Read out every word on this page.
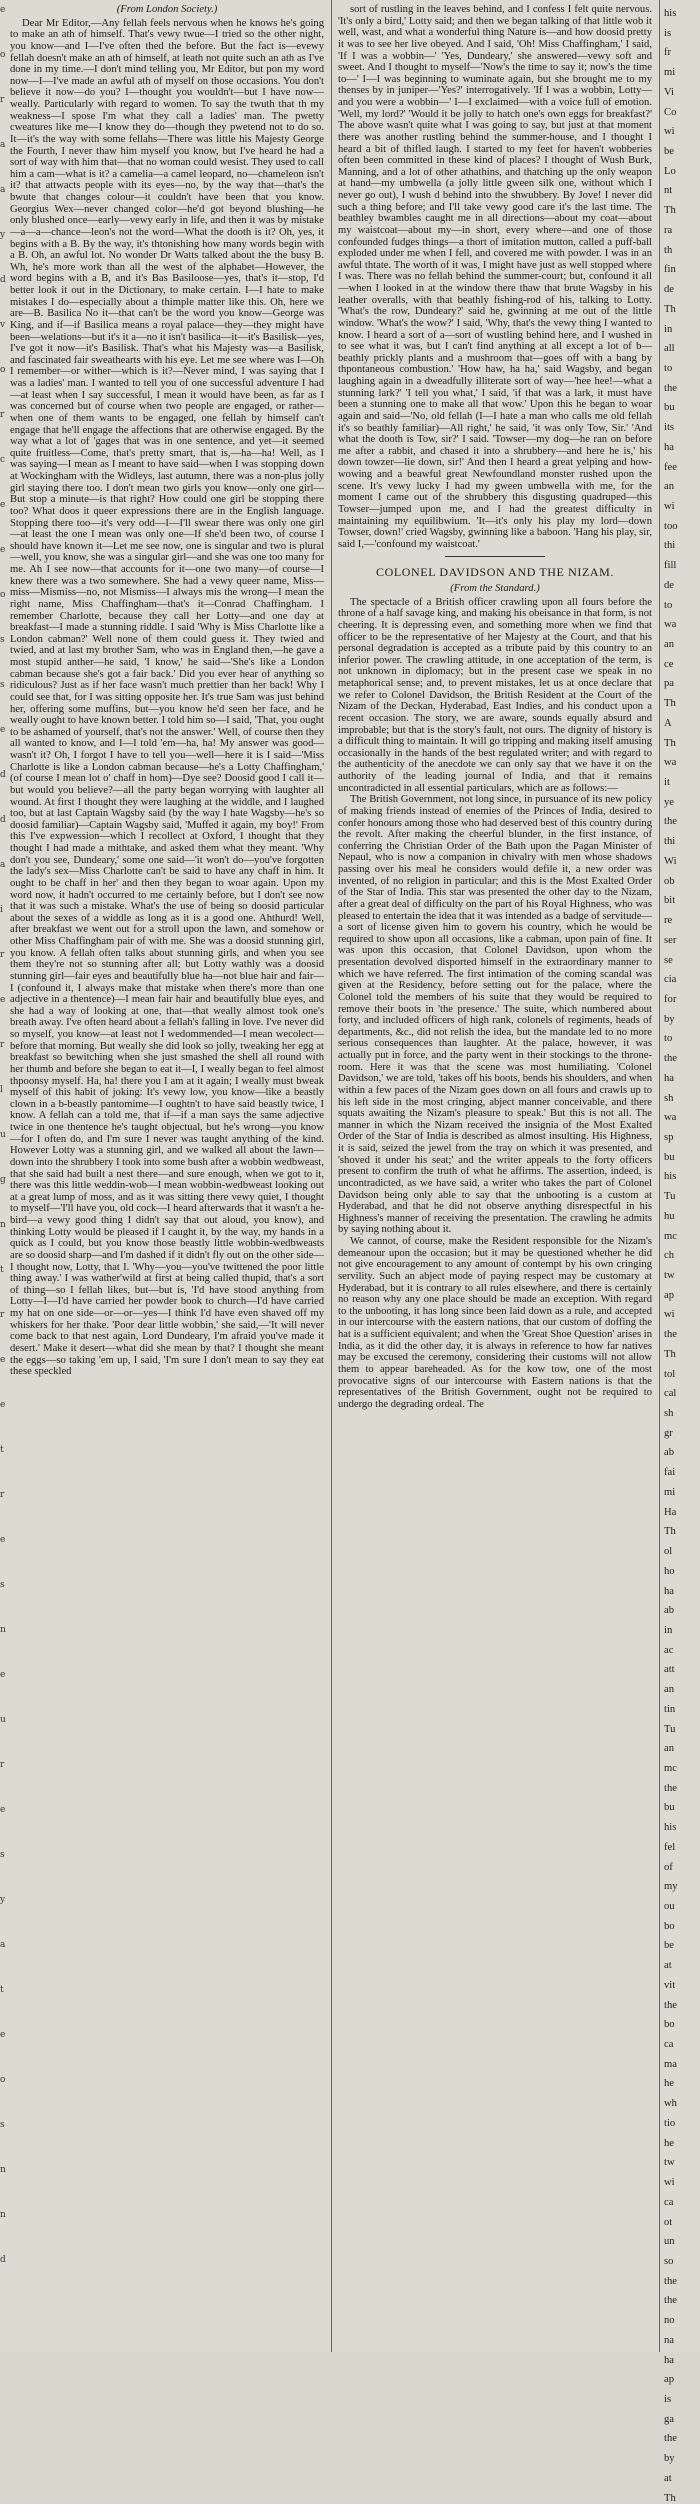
e
o
r
a
a
y
d
v
o
r
c
e
e
o
s
s
e
d
d
a
i
r
e
r
l
u
g
n
t
r
e
e
t
r
e
s
n
e
u
r
e
s
y
a
t
e
o
s
n
n
d
(From London Society.)

Dear Mr Editor,—Any fellah feels nervous when he knows he's going to make an ath of himself. That's vewy twue—I tried so the other night, you know—and I—I've often thed the before. But the fact is—evewy fellah doesn't make an ath of himself, at leath not quite such an ath as I've done in my time.—I don't mind telling you, Mr Editor, but pon my word now—I—I've made an awful ath of myself on those occasions. You don't believe it now—do you? I—thought you wouldn't—but I have now—weally. Particularly with regard to women. To say the twuth that th my weakness—I spose I'm what they call a ladies' man. The pwetty cweatures like me—I know they do—though they pwetend not to do so. It—it's the way with some fellahs—There was little his Majesty George the Fourth, I never thaw him myself you know, but I've heard he had a sort of way with him that—that no woman could wesist. They used to call him a cam—what is it? a camelia—a camel leopard, no—chameleon isn't it? that attwacts people with its eyes—no, by the way that—that's the bwute that changes colour—it couldn't have been that you know. Georgius Wex—never changed color—he'd got beyond blushing—he only blushed once—early—vewy early in life, and then it was by mistake—a—a—chance—leon's not the word—What the dooth is it? Oh, yes, it begins with a B. By the way, it's thtonishing how many words begin with a B. Oh, an awful lot. No wonder Dr Watts talked about the the busy B. Wh, he's more work than all the west of the alphabet—However, the word begins with a B, and it's Bas Basiloose—yes, that's it—stop, I'd better look it out in the Dictionary, to make certain. I—I hate to make mistakes I do—especially about a thimple matter like this. Oh, here we are—B. Basilica No it—that can't be the word you know—George was King, and if—if Basilica means a royal palace—they—they might have been—welations—but it's it a—no it isn't basilica—it—it's Basilisk—yes, I've got it now—it's Basilisk. That's what his Majesty was—a Basilisk, and fascinated fair sweathearts with his eye. Let me see where was I—Oh I remember—or wither—which is it?—Never mind, I was saying that I was a ladies' man. I wanted to tell you of one successful adventure I had—at least when I say successful, I mean it would have been, as far as I was concerned but of course when two people are engaged, or rather—when one of them wants to be engaged, one fellah by himself can't engage that he'll engage the affections that are otherwise engaged. By the way what a lot of 'gages that was in one sentence, and yet—it seemed quite fruitless—Come, that's pretty smart, that is,—ha—ha! Well, as I was saying—I mean as I meant to have said—when I was stopping down at Wockingham with the Widleys, last autumn, there was a non-plus jolly girl staying there too. I don't mean two girls you know—only one girl—But stop a minute—is that right? How could one girl be stopping there too? What doos it queer expressions there are in the English language. Stopping there too—it's very odd—I—I'll swear there was only one girl—at least the one I mean was only one—If she'd been two, of course I should have known it—Let me see now, one is singular and two is plural—well, you know, she was a singular girl—and she was one too many for me. Ah I see now—that accounts for it—one two many—of course—I knew there was a two somewhere. She had a vewy queer name, Miss—miss—Mismiss—no, not Mismiss—I always mis the wrong—I mean the right name, Miss Chaffingham—that's it—Conrad Chaffingham. I remember Charlotte, because they call her Lotty—and one day at breakfast—I made a stunning riddle. I said 'Why is Miss Charlotte like a London cabman?' Well none of them could guess it. They twied and twied, and at last my brother Sam, who was in England then,—he gave a most stupid anther—he said, 'I know,' he said—'She's like a London cabman because she's got a fair back.' Did you ever hear of anything so ridiculous? Just as if her face wasn't much prettier than her back! Why I could see that, for I was sitting opposite her. It's true Sam was just behind her, offering some muffins, but—you know he'd seen her face, and he weally ought to have known better. I told him so—I said, 'That, you ought to be ashamed of yourself, that's not the answer.' Well, of course then they all wanted to know, and I—I told 'em—ha, ha! My answer was good—wasn't it? Oh, I forgot I have to tell you—well—here it is I said—'Miss Charlotte is like a London cabman because—he's a Lotty Chaffingham,' (of course I mean lot o' chaff in hom)—Dye see? Doosid good I call it—but would you believe?—all the party began worrying with laughter all wound. At first I thought they were laughing at the widdle, and I laughed too, but at last Captain Wagsby said (by the way I hate Wagsby—he's so doosid familiar)—Captain Wagsby said, 'Muffed it again, my boy!' From this I've expwession—which I recollect at Oxford, I thought that they thought I had made a mithtake, and asked them what they meant. 'Why don't you see, Dundeary,' some one said—'it won't do—you've forgotten the lady's sex—Miss Charlotte can't be said to have any chaff in him. It ought to be chaff in her' and then they began to woar again. Upon my word now, it hadn't occurred to me certainly before, but I don't see now that it was such a mistake. What's the use of being so doosid particular about the sexes of a widdle as long as it is a good one. Ahthurd! Well, after breakfast we went out for a stroll upon the lawn, and somehow or other Miss Chaffingham pair of with me. She was a doosid stunning girl, you know. A fellah often talks about stunning girls, and when you see them they're not so stunning after all; but Lotty wathly was a doosid stunning girl—fair eyes and beautifully blue ha—not blue hair and fair—I (confound it, I always make that mistake when there's more than one adjective in a thentence)—I mean fair hair and beautifully blue eyes, and she had a way of looking at one, that—that weally almost took one's breath away. I've often heard about a fellah's falling in love. I've never did so myself, you know—at least not I wedommended—I mean wecolect—before that morning. But weally she did look so jolly, tweaking her egg at breakfast so bewitching when she just smashed the shell all round with her thumb and before she began to eat it—I, I weally began to feel almost thpoonsy myself. Ha, ha! there you I am at it again; I weally must bweak myself of this habit of joking: It's vewy low, you know—like a beastly clown in a b-beastly pantomime—I oughtn't to have said beastly twice, I know. A fellah can a told me, that if—if a man says the same adjective twice in one thentence he's taught objectual, but he's wrong—you know—for I often do, and I'm sure I never was taught anything of the kind. However Lotty was a stunning girl, and we walked all about the lawn—down into the shrubbery I took into some bush after a wobbin wedbweast, that she said had built a nest there—and sure enough, when we got to it, there was this little weddin-wob—I mean wobbin-wedbweast looking out at a great lump of moss, and as it was sitting there vewy quiet, I thought to myself—'I'll have you, old cock—I heard afterwards that it wasn't a he-bird—a vewy good thing I didn't say that out aloud, you know), and thinking Lotty would be pleased if I caught it, by the way, my hands in a quick as I could, but you know those beastly little wobbin-wedbweasts are so doosid sharp—and I'm dashed if it didn't fly out on the other side—I thought now, Lotty, that I. 'Why—you—you've twittened the poor little thing away.' I was wather'wild at first at being called thupid, that's a sort of thing—so I fellah likes, but—but is, 'I'd have stood anything from Lotty—I—I'd have carried her powder book to church—I'd have carried my hat on one side—or—or—yes—I think I'd have even shaved off my whiskers for her thake. 'Poor dear little wobbin,' she said,—'It will never come back to that nest again, Lord Dundeary, I'm afraid you've made it desert.' Make it desert—what did she mean by that? I thought she meant the eggs—so taking 'em up, I said, 'I'm sure I don't mean to say they eat these speckled

sort of rustling in the leaves behind, and I confess I felt quite nervous. 'It's only a bird,' Lotty said; and then we began talking of that little wob it well, wast, and what a wonderful thing Nature is—and how doosid pretty it was to see her live obeyed. And I said, 'Oh! Miss Chaffingham,' I said, 'If I was a wobbin—' 'Yes, Dundeary,' she answered—vewy soft and sweet. And I thought to myself—'Now's the time to say it; now's the time to—' I—I was beginning to wuminate again, but she brought me to my thenses by in juniper—'Yes?' interrogatively. 'If I was a wobbin, Lotty—and you were a wobbin—' I—I exclaimed—with a voice full of emotion. 'Well, my lord?' 'Would it be jolly to hatch one's own eggs for breakfast?' The above wasn't quite what I was going to say, but just at that moment there was another rustling behind the summer-house, and I thought I heard a bit of thifled laugh. I started to my feet for haven't wobberies often been committed in these kind of places? I thought of Wush Burk, Manning, and a lot of other athathins, and thatching up the only weapon at hand—my umbwella (a jolly little gween silk one, without which I never go out), I wush d behind into the shwubbery. By Jove! I never did such a thing before; and I'll take vewy good care it's the last time. The beathley bwambles caught me in all directions—about my coat—about my waistcoat—about my—in short, every where—and one of those confounded fudges things—a thort of imitation mutton, called a puff-ball exploded under me when I fell, and covered me with powder. I was in an awful thtate. The worth of it was, I might have just as well stopped where I was. There was no fellah behind the summer-court; but, confound it all—when I looked in at the window there thaw that brute Wagsby in his leather overalls, with that beathly fishing-rod of his, talking to Lotty. 'What's the row, Dundeary?' said he, gwinning at me out of the little window. 'What's the wow?' I said, 'Why, that's the vewy thing I wanted to know. I heard a sort of a—sort of wustling behind here, and I wushed in to see what it was, but I can't find anything at all except a lot of b—beathly prickly plants and a mushroom that—goes off with a bang by thpontaneous combustion.' 'How haw, ha ha,' said Wagsby, and began laughing again in a dweadfully illiterate sort of way—'hee hee!—what a stunning lark?' 'I tell you what,' I said, 'if that was a lark, it must have been a stunning one to make all that wow.' Upon this he began to woar again and said—'No, old fellah (I—I hate a man who calls me old fellah it's so beathly familiar)—All right,' he said, 'it was only Tow, Sir.' 'And what the dooth is Tow, sir?' I said. 'Towser—my dog—he ran on before me after a rabbit, and chased it into a shrubbery—and here he is,' his down towzer—lie down, sir!' And then I heard a great yelping and how-wowing and a beawful great Newfoundland monster rushed upon the scene. It's vewy lucky I had my gween umbwella with me, for the moment I came out of the shrubbery this disgusting quadruped—this Towser—jumped upon me, and I had the greatest difficulty in maintaining my equilibwium. 'It—it's only his play my lord—down Towser, down!' cried Wagsby, gwinning like a baboon. 'Hang his play, sir, said I,—'confound my waistcoat.'

COLONEL DAVIDSON AND THE NIZAM.
(From the Standard.)

The spectacle of a British officer crawling upon all fours before the throne of a half savage king, and making his obeisance in that form, is not cheering. It is depressing even, and something more when we find that officer to be the representative of her Majesty at the Court, and that his personal degradation is accepted as a tribute paid by this country to an inferior power. The crawling attitude, in one acceptation of the term, is not unknown in diplomacy; but in the present case we speak in no metaphorical sense; and, to prevent mistakes, let us at once declare that we refer to Colonel Davidson, the British Resident at the Court of the Nizam of the Deckan, Hyderabad, East Indies, and his conduct upon a recent occasion. The story, we are aware, sounds equally absurd and improbable; but that is the story's fault, not ours. The dignity of history is a difficult thing to maintain. It will go tripping and making itself amusing occasionally in the hands of the best regulated writer; and with regard to the authenticity of the anecdote we can only say that we have it on the authority of the leading journal of India, and that it remains uncontradicted in all essential particulars, which are as follows:—

The British Government, not long since, in pursuance of its new policy of making friends instead of enemies of the Princes of India, desired to confer honours among those who had deserved best of this country during the revolt. After making the cheerful blunder, in the first instance, of conferring the Christian Order of the Bath upon the Pagan Minister of Nepaul, who is now a companion in chivalry with men whose shadows passing over his meal he considers would defile it, a new order was invented, of no religion in particular; and this is the Most Exalted Order of the Star of India. This star was presented the other day to the Nizam, after a great deal of difficulty on the part of his Royal Highness, who was pleased to entertain the idea that it was intended as a badge of servitude—a sort of license given him to govern his country, which he would be required to show upon all occasions, like a cabman, upon pain of fine. It was upon this occasion, that Colonel Davidson, upon whom the presentation devolved disported himself in the extraordinary manner to which we have referred. The first intimation of the coming scandal was given at the Residency, before setting out for the palace, where the Colonel told the members of his suite that they would be required to remove their boots in 'the presence.' The suite, which numbered about forty, and included officers of high rank, colonels of regiments, heads of departments, &c., did not relish the idea, but the mandate led to no more serious consequences than laughter. At the palace, however, it was actually put in force, and the party went in their stockings to the throne-room. Here it was that the scene was most humiliating. 'Colonel Davidson,' we are told, 'takes off his boots, bends his shoulders, and when within a few paces of the Nizam goes down on all fours and crawls up to his left side in the most cringing, abject manner conceivable, and there squats awaiting the Nizam's pleasure to speak.' But this is not all. The manner in which the Nizam received the insignia of the Most Exalted Order of the Star of India is described as almost insulting. His Highness, it is said, seized the jewel from the tray on which it was presented, and 'shoved it under his seat;' and the writer appeals to the forty officers present to confirm the truth of what he affirms. The assertion, indeed, is uncontradicted, as we have said, a writer who takes the part of Colonel Davidson being only able to say that the unbooting is a custom at Hyderabad, and that he did not observe anything disrespectful in his Highness's manner of receiving the presentation. The crawling he admits by saying nothing about it.

We cannot, of course, make the Resident responsible for the Nizam's demeanour upon the occasion; but it may be questioned whether he did not give encouragement to any amount of contempt by his own cringing servility. Such an abject mode of paying respect may be customary at Hyderabad, but it is contrary to all rules elsewhere, and there is certainly no reason why any one place should be made an exception. With regard to the unbooting, it has long since been laid down as a rule, and accepted in our intercourse with the eastern nations, that our custom of doffing the hat is a sufficient equivalent; and when the 'Great Shoe Question' arises in India, as it did the other day, it is always in reference to how far natives may be excused the ceremony, considering their customs will not allow them to appear bareheaded. As for the kow tow, one of the most provocative signs of our intercourse with Eastern nations is that the representatives of the British Government, ought not be required to undergo the degrading ordeal. The

his
is
fr
mi
Vi
Co
wi
be
Lo
nt
Th
ra
th
fin
de
Th
in
all
to
the
bu
its
ha
fee
an
wi
too
thi
fill
de
to
wa
an
ce
pa
Th
A
Th
wa
it
ye
the
thi
Wi
ob
bit
re
ser
se
cia
for
by
to
the
ha
sh
wa
sp
bu
his
Tu
hu
mc
ch
tw
ap
wi
the
Th
tol
cal
sh
gr
ab
fai
mi
Ha
Th
ol
ho
ha
ab
in
ac
att
an
tin
Tu
an
mc
the
bu
his
fel
of
my
ou
bo
be
at
vit
the
bo
ca
ma
he
wh
tio
he
tw
wi
ca
ot
un
so
the
the
no
na
ha
ap
is
ga
the
by
at
Th
